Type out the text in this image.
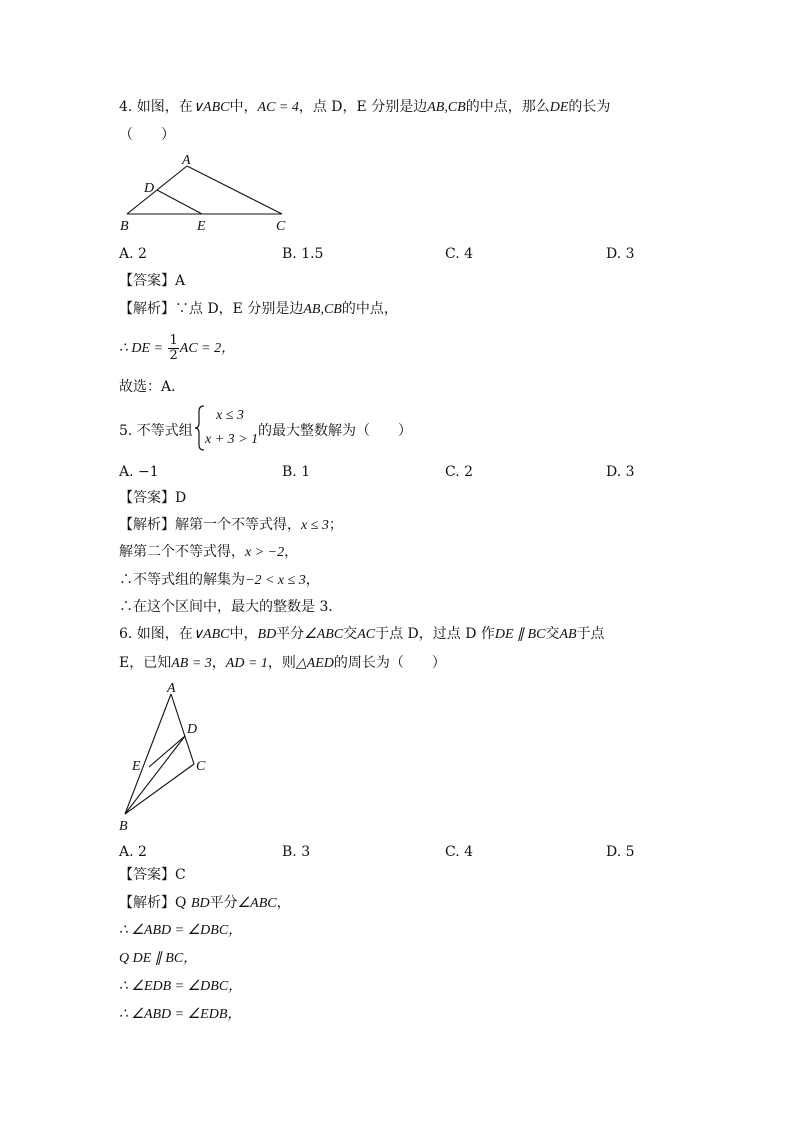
4. 如图，在∨ABC中，AC = 4，点 D，E 分别是边AB,CB的中点，那么DE的长为
（　　）
A
D
B	E	C
A. 2	B. 1.5	C. 4	D. 3
【答案】A
【解析】∵点 D，E 分别是边AB,CB的中点，
∴ DE = $\frac{1}{2}$ AC = 2，
故选：A．
5. 不等式组
x ≤ 3
x + 3 > 1
的最大整数解为（　　）
A. −1	B. 1	C. 2	D. 3
【答案】D
【解析】解第一个不等式得，x ≤ 3；
解第二个不等式得，x > −2，
∴不等式组的解集为−2 < x ≤ 3，
∴在这个区间中，最大的整数是 3．
6. 如图，在∨ABC中，BD平分∠ABC交AC于点 D，过点 D 作DE ∥ BC交AB于点
E，已知AB = 3，AD = 1，则△AED的周长为（　　）
A
D
E	C
B
A. 2	B. 3	C. 4	D. 5
【答案】C
【解析】Q BD平分∠ABC，
∴ ∠ABD = ∠DBC，
Q DE ∥ BC，
∴ ∠EDB = ∠DBC，
∴ ∠ABD = ∠EDB，
